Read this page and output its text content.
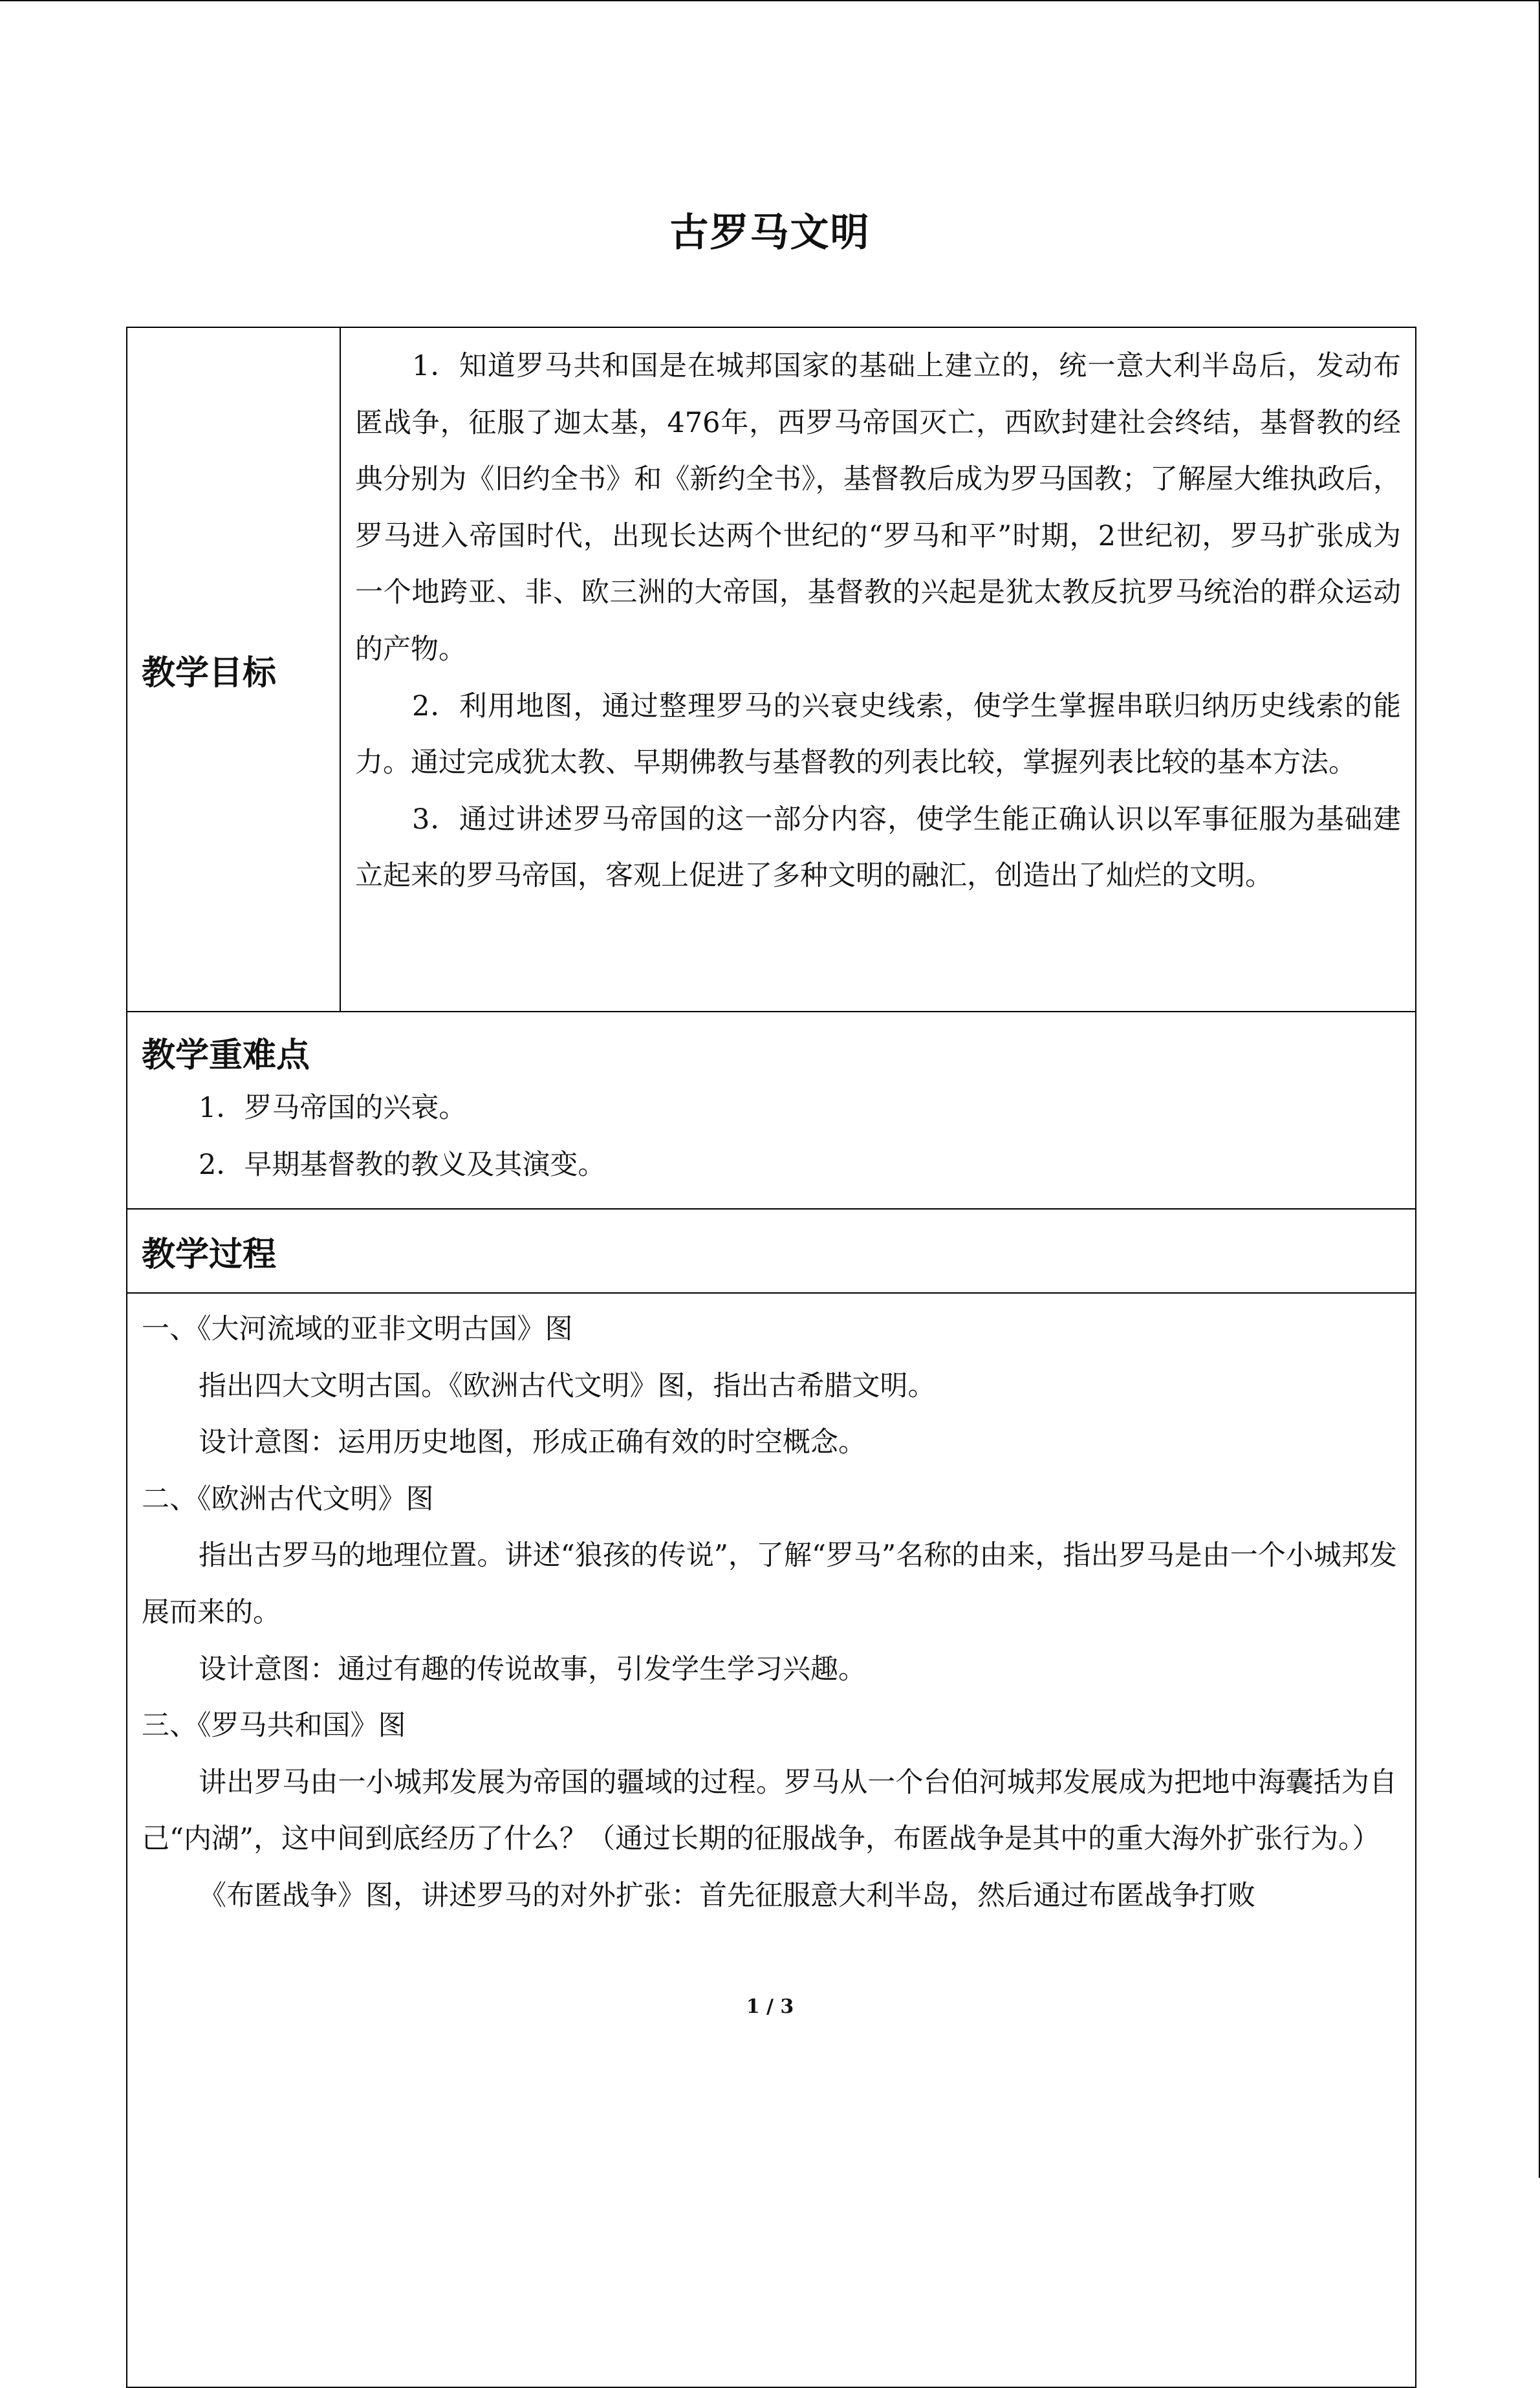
古罗马文明
教学目标

1．知道罗马共和国是在城邦国家的基础上建立的，统一意大利半岛后，发动布匿战争，征服了迦太基，476年，西罗马帝国灭亡，西欧封建社会终结，基督教的经典分别为《旧约全书》和《新约全书》，基督教后成为罗马国教；了解屋大维执政后，罗马进入帝国时代，出现长达两个世纪的“罗马和平”时期，2世纪初，罗马扩张成为一个地跨亚、非、欧三洲的大帝国，基督教的兴起是犹太教反抗罗马统治的群众运动的产物。

2．利用地图，通过整理罗马的兴衰史线索，使学生掌握串联归纳历史线索的能力。通过完成犹太教、早期佛教与基督教的列表比较，掌握列表比较的基本方法。

3．通过讲述罗马帝国的这一部分内容，使学生能正确认识以军事征服为基础建立起来的罗马帝国，客观上促进了多种文明的融汇，创造出了灿烂的文明。

教学重难点

1．罗马帝国的兴衰。

2．早期基督教的教义及其演变。

教学过程

一、《大河流域的亚非文明古国》图

指出四大文明古国。《欧洲古代文明》图，指出古希腊文明。

设计意图：运用历史地图，形成正确有效的时空概念。

二、《欧洲古代文明》图

指出古罗马的地理位置。讲述“狼孩的传说”，了解“罗马”名称的由来，指出罗马是由一个小城邦发展而来的。

设计意图：通过有趣的传说故事，引发学生学习兴趣。

三、《罗马共和国》图

讲出罗马由一小城邦发展为帝国的疆域的过程。罗马从一个台伯河城邦发展成为把地中海囊括为自己“内湖”，这中间到底经历了什么？（通过长期的征服战争，布匿战争是其中的重大海外扩张行为。）

《布匿战争》图，讲述罗马的对外扩张：首先征服意大利半岛，然后通过布匿战争打败

1 / 3
